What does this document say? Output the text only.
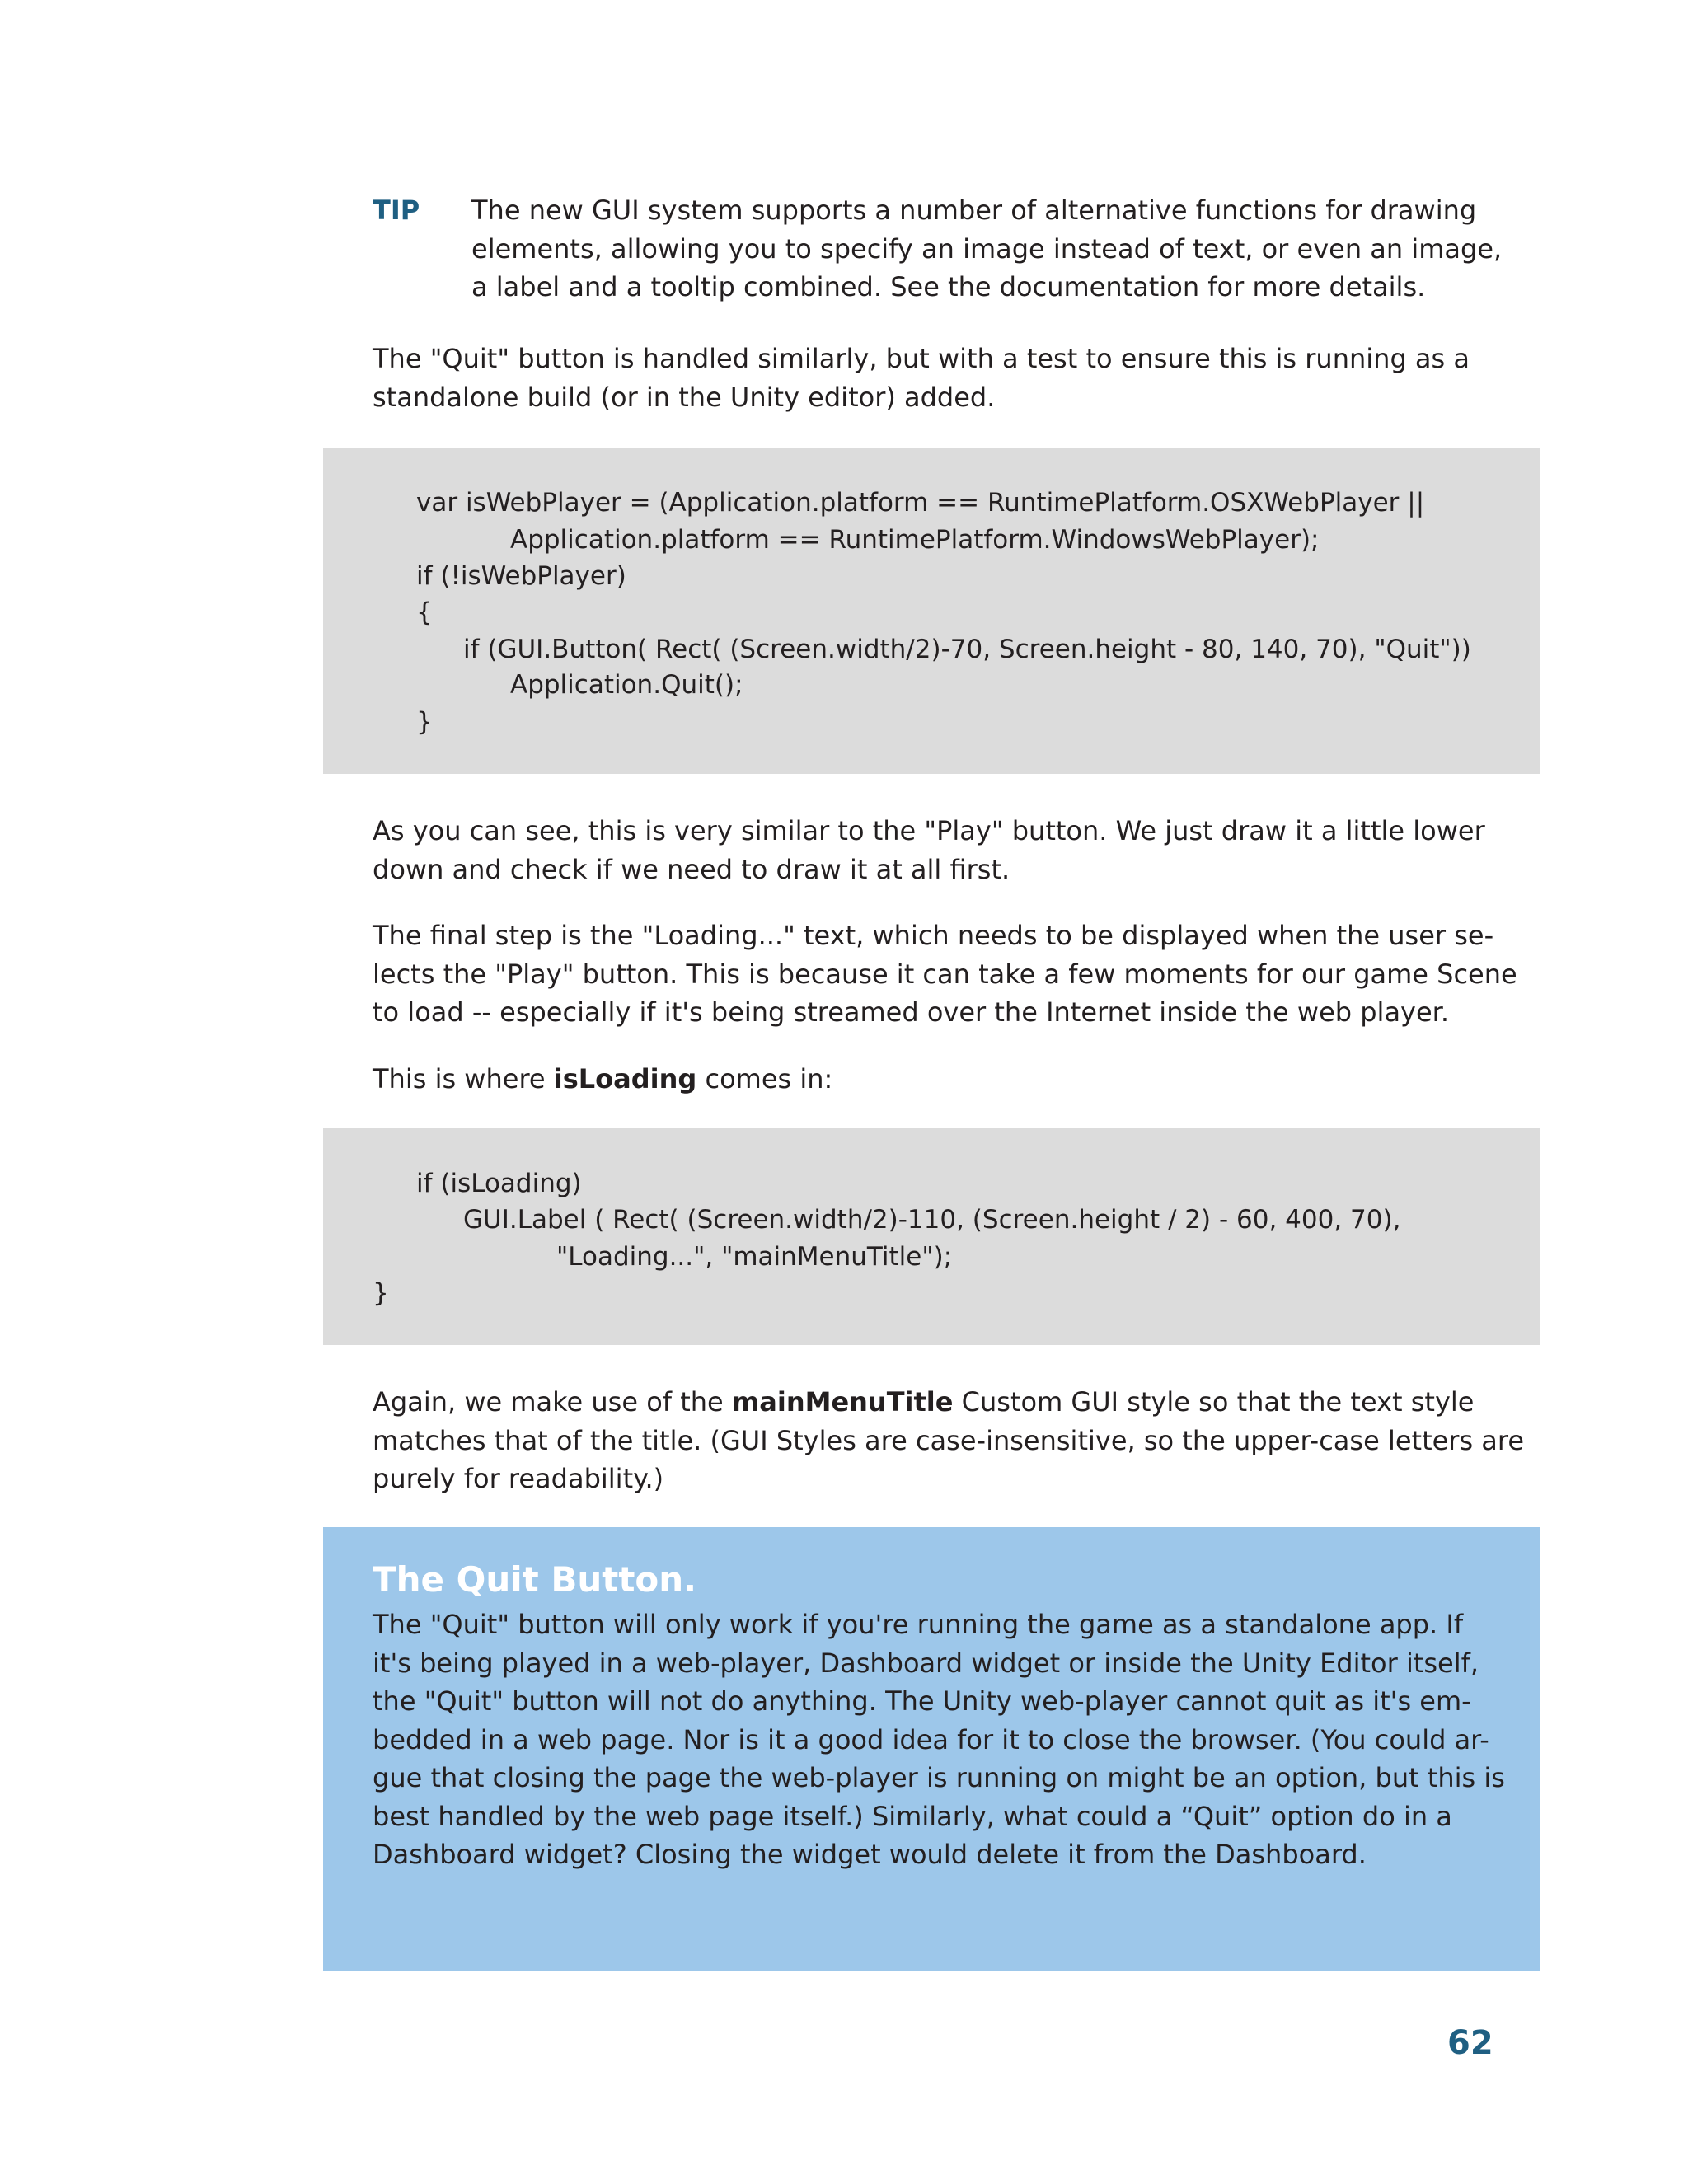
TIP The new GUI system supports a number of alternative functions for drawing
elements, allowing you to specify an image instead of text, or even an image,
a label and a tooltip combined. See the documentation for more details.

The "Quit" button is handled similarly, but with a test to ensure this is running as a
standalone build (or in the Unity editor) added.

var isWebPlayer = (Application.platform == RuntimePlatform.OSXWebPlayer ||
Application.platform == RuntimePlatform.WindowsWebPlayer);
if (!isWebPlayer)
{
if (GUI.Button( Rect( (Screen.width/2)-70, Screen.height - 80, 140, 70), "Quit"))
Application.Quit();
}

As you can see, this is very similar to the "Play" button. We just draw it a little lower
down and check if we need to draw it at all first.

The final step is the "Loading..." text, which needs to be displayed when the user se-
lects the "Play" button. This is because it can take a few moments for our game Scene
to load -- especially if it's being streamed over the Internet inside the web player.

This is where isLoading comes in:

if (isLoading)
GUI.Label ( Rect( (Screen.width/2)-110, (Screen.height / 2) - 60, 400, 70),
"Loading...", "mainMenuTitle");
}

Again, we make use of the mainMenuTitle Custom GUI style so that the text style
matches that of the title. (GUI Styles are case-insensitive, so the upper-case letters are
purely for readability.)

The Quit Button.
The "Quit" button will only work if you're running the game as a standalone app. If
it's being played in a web-player, Dashboard widget or inside the Unity Editor itself,
the "Quit" button will not do anything. The Unity web-player cannot quit as it's em-
bedded in a web page. Nor is it a good idea for it to close the browser. (You could ar-
gue that closing the page the web-player is running on might be an option, but this is
best handled by the web page itself.) Similarly, what could a “Quit” option do in a
Dashboard widget? Closing the widget would delete it from the Dashboard.
62
